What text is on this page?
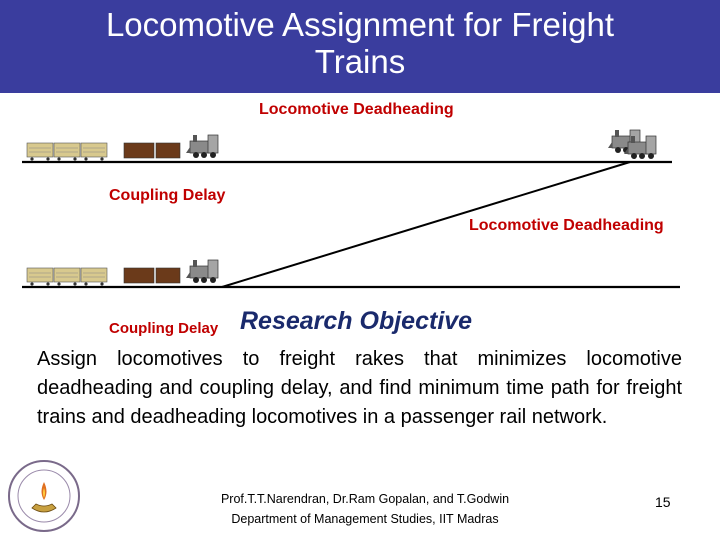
Locomotive Assignment for Freight
Trains
Locomotive Deadheading
Coupling Delay
Locomotive Deadheading
Coupling Delay Research Objective
Assign locomotives to freight rakes that minimizes locomotive deadheading and coupling delay, and find minimum time path for freight trains and deadheading locomotives in a passenger rail network.
Prof.T.T.Narendran, Dr.Ram Gopalan, and T.Godwin
Department of Management Studies, IIT Madras
15
